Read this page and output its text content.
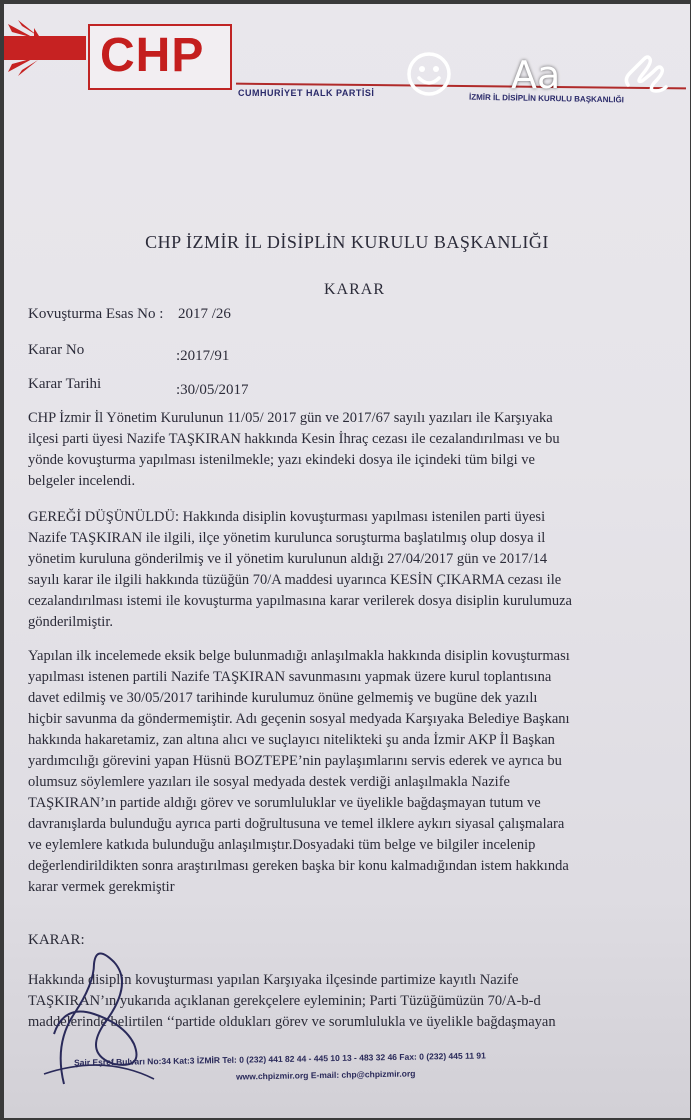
CHP
CUMHURİYET HALK PARTİSİ	İZMİR İL DİSİPLİN KURULU BAŞKANLIĞI
Aa
CHP İZMİR İL DİSİPLİN KURULU BAŞKANLIĞI
KARAR
Kovuşturma Esas No : 2017 /26
Karar No	:2017/91
Karar Tarihi	:30/05/2017
CHP İzmir İl Yönetim Kurulunun 11/05/ 2017 gün ve 2017/67 sayılı yazıları ile Karşıyaka
ilçesi parti üyesi Nazife TAŞKIRAN hakkında Kesin İhraç cezası ile cezalandırılması ve bu
yönde kovuşturma yapılması istenilmekle; yazı ekindeki dosya ile içindeki tüm bilgi ve
belgeler incelendi.
GEREĞİ DÜŞÜNÜLDÜ: Hakkında disiplin kovuşturması yapılması istenilen parti üyesi
Nazife TAŞKIRAN ile ilgili, ilçe yönetim kurulunca soruşturma başlatılmış olup dosya il
yönetim kuruluna gönderilmiş ve il yönetim kurulunun aldığı 27/04/2017 gün ve 2017/14
sayılı karar ile ilgili hakkında tüzüğün 70/A maddesi uyarınca KESİN ÇIKARMA cezası ile
cezalandırılması istemi ile kovuşturma yapılmasına karar verilerek dosya disiplin kurulumuza
gönderilmiştir.
Yapılan ilk incelemede eksik belge bulunmadığı anlaşılmakla hakkında disiplin kovuşturması
yapılması istenen partili Nazife TAŞKIRAN savunmasını yapmak üzere kurul toplantısına
davet edilmiş ve 30/05/2017 tarihinde kurulumuz önüne gelmemiş ve bugüne dek yazılı
hiçbir savunma da göndermemiştir. Adı geçenin sosyal medyada Karşıyaka Belediye Başkanı
hakkında hakaretamiz, zan altına alıcı ve suçlayıcı nitelikteki şu anda İzmir AKP İl Başkan
yardımcılığı görevini yapan Hüsnü BOZTEPE’nin paylaşımlarını servis ederek ve ayrıca bu
olumsuz söylemlere yazıları ile sosyal medyada destek verdiği anlaşılmakla Nazife
TAŞKIRAN’ın partide aldığı görev ve sorumluluklar ve üyelikle bağdaşmayan tutum ve
davranışlarda bulunduğu ayrıca parti doğrultusuna ve temel ilklere aykırı siyasal çalışmalara
ve eylemlere katkıda bulunduğu anlaşılmıştır.Dosyadaki tüm belge ve bilgiler incelenip
değerlendirildikten sonra araştırılması gereken başka bir konu kalmadığından istem hakkında
karar vermek gerekmiştir
KARAR:
Hakkında disiplin kovuşturması yapılan Karşıyaka ilçesinde partimize kayıtlı Nazife
TAŞKIRAN’ın yukarıda açıklanan gerekçelere eyleminin; Parti Tüzüğümüzün 70/A-b-d
maddelerinde belirtilen ‘‘partide oldukları görev ve sorumlulukla ve üyelikle bağdaşmayan
Şair Eşref Bulvarı No:34 Kat:3 İZMİR Tel: 0 (232) 441 82 44 - 445 10 13 - 483 32 46 Fax: 0 (232) 445 11 91
www.chpizmir.org E-mail: chp@chpizmir.org
